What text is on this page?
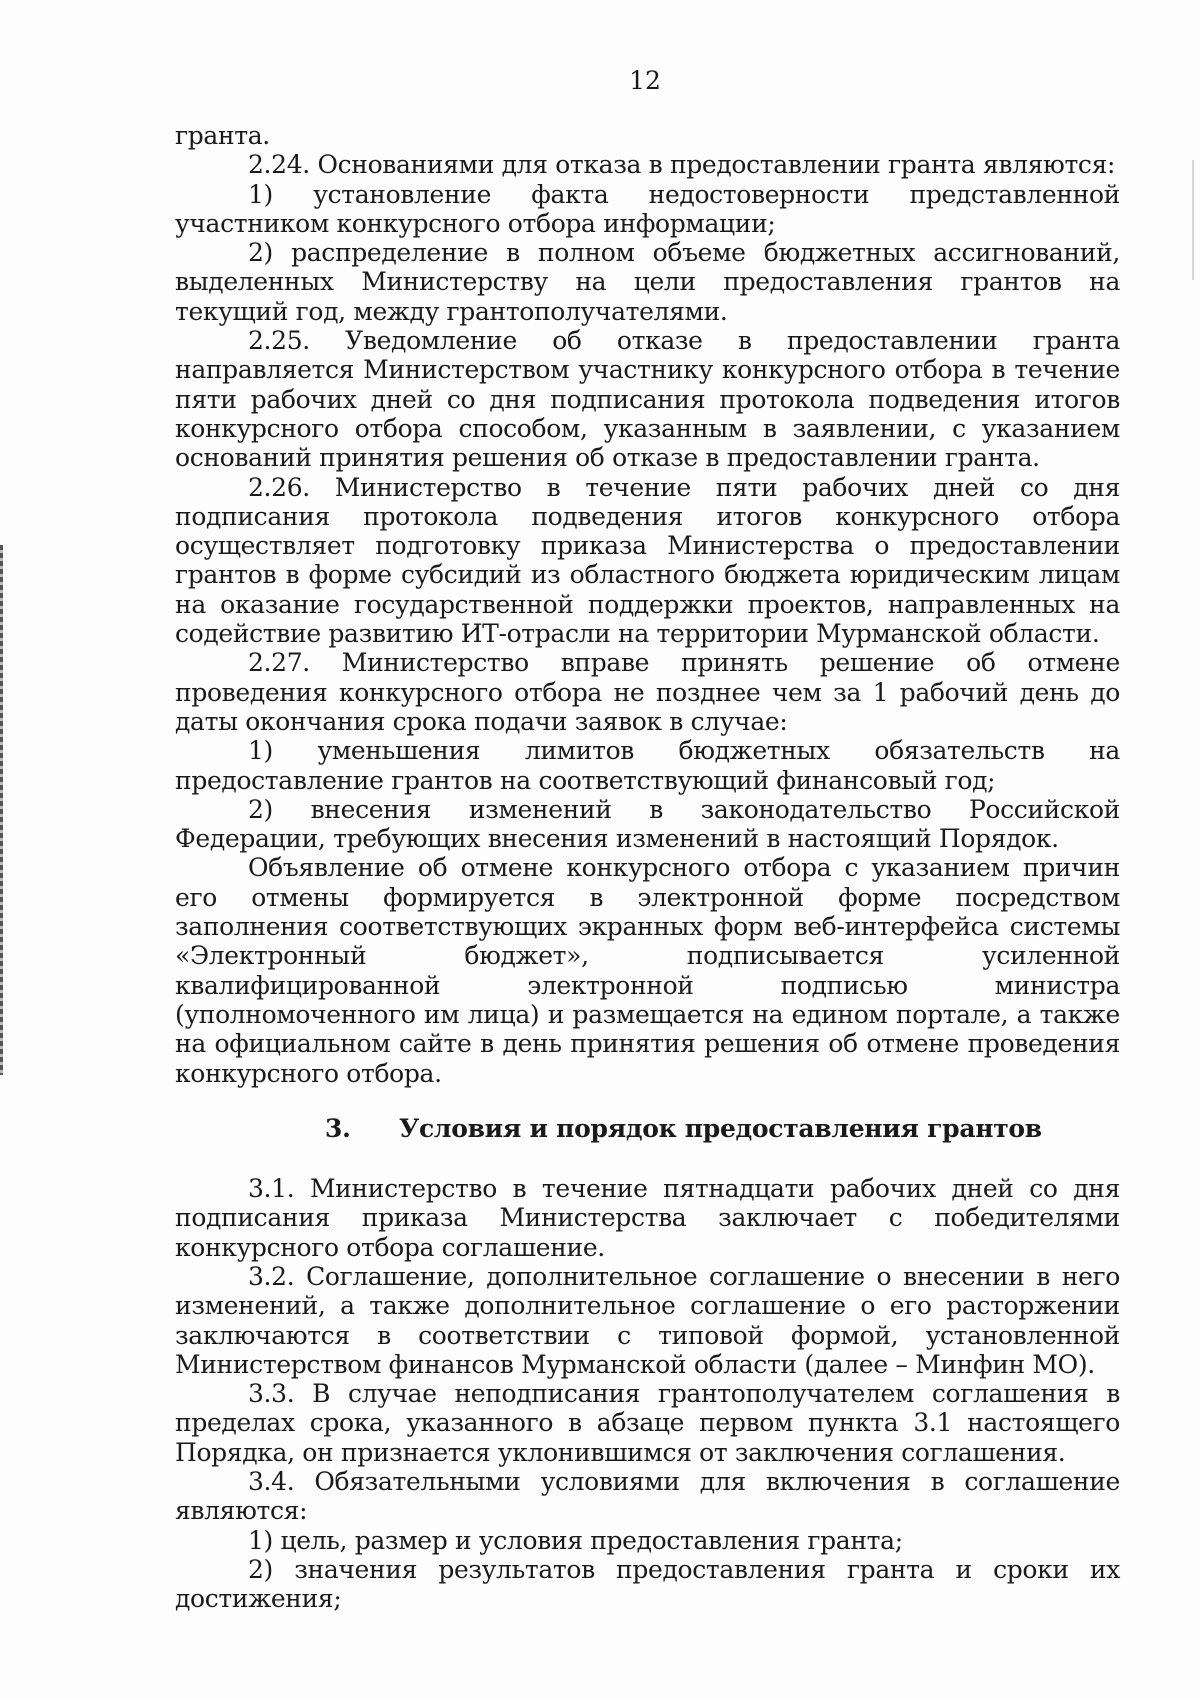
12

гранта.

2.24. Основаниями для отказа в предоставлении гранта являются:

1) установление факта недостоверности представленной участником конкурсного отбора информации;

2) распределение в полном объеме бюджетных ассигнований, выделенных Министерству на цели предоставления грантов на текущий год, между грантополучателями.

2.25. Уведомление об отказе в предоставлении гранта направляется Министерством участнику конкурсного отбора в течение пяти рабочих дней со дня подписания протокола подведения итогов конкурсного отбора способом, указанным в заявлении, с указанием оснований принятия решения об отказе в предоставлении гранта.

2.26. Министерство в течение пяти рабочих дней со дня подписания протокола подведения итогов конкурсного отбора осуществляет подготовку приказа Министерства о предоставлении грантов в форме субсидий из областного бюджета юридическим лицам на оказание государственной поддержки проектов, направленных на содействие развитию ИТ-отрасли на территории Мурманской области.

2.27. Министерство вправе принять решение об отмене проведения конкурсного отбора не позднее чем за 1 рабочий день до даты окончания срока подачи заявок в случае:

1) уменьшения лимитов бюджетных обязательств на предоставление грантов на соответствующий финансовый год;

2) внесения изменений в законодательство Российской Федерации, требующих внесения изменений в настоящий Порядок.

Объявление об отмене конкурсного отбора с указанием причин его отмены формируется в электронной форме посредством заполнения соответствующих экранных форм веб-интерфейса системы «Электронный бюджет», подписывается усиленной квалифицированной электронной подписью министра (уполномоченного им лица) и размещается на едином портале, а также на официальном сайте в день принятия решения об отмене проведения конкурсного отбора.

3. Условия и порядок предоставления грантов

3.1. Министерство в течение пятнадцати рабочих дней со дня подписания приказа Министерства заключает с победителями конкурсного отбора соглашение.

3.2. Соглашение, дополнительное соглашение о внесении в него изменений, а также дополнительное соглашение о его расторжении заключаются в соответствии с типовой формой, установленной Министерством финансов Мурманской области (далее – Минфин МО).

3.3. В случае неподписания грантополучателем соглашения в пределах срока, указанного в абзаце первом пункта 3.1 настоящего Порядка, он признается уклонившимся от заключения соглашения.

3.4. Обязательными условиями для включения в соглашение являются:

1) цель, размер и условия предоставления гранта;

2) значения результатов предоставления гранта и сроки их достижения;
